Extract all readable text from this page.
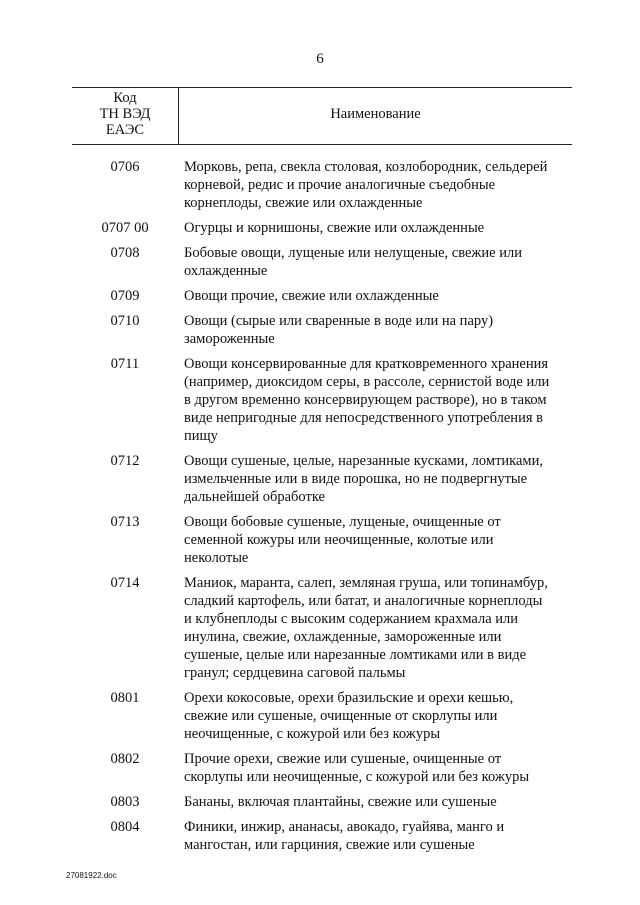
6
Код
ТН ВЭД
ЕАЭС
Наименование
0706	Морковь, репа, свекла столовая, козлобородник, сельдерей
корневой, редис и прочие аналогичные съедобные
корнеплоды, свежие или охлажденные
0707 00	Огурцы и корнишоны, свежие или охлажденные
0708	Бобовые овощи, лущеные или нелущеные, свежие или
охлажденные
0709	Овощи прочие, свежие или охлажденные
0710	Овощи (сырые или сваренные в воде или на пару)
замороженные
0711	Овощи консервированные для кратковременного хранения
(например, диоксидом серы, в рассоле, сернистой воде или
в другом временно консервирующем растворе), но в таком
виде непригодные для непосредственного употребления в
пищу
0712	Овощи сушеные, целые, нарезанные кусками, ломтиками,
измельченные или в виде порошка, но не подвергнутые
дальнейшей обработке
0713	Овощи бобовые сушеные, лущеные, очищенные от
семенной кожуры или неочищенные, колотые или
неколотые
0714	Маниок, маранта, салеп, земляная груша, или топинамбур,
сладкий картофель, или батат, и аналогичные корнеплоды
и клубнеплоды с высоким содержанием крахмала или
инулина, свежие, охлажденные, замороженные или
сушеные, целые или нарезанные ломтиками или в виде
гранул; сердцевина саговой пальмы
0801	Орехи кокосовые, орехи бразильские и орехи кешью,
свежие или сушеные, очищенные от скорлупы или
неочищенные, с кожурой или без кожуры
0802	Прочие орехи, свежие или сушеные, очищенные от
скорлупы или неочищенные, с кожурой или без кожуры
0803	Бананы, включая плантайны, свежие или сушеные
0804	Финики, инжир, ананасы, авокадо, гуайява, манго и
мангостан, или гарциния, свежие или сушеные
27081922.doc
